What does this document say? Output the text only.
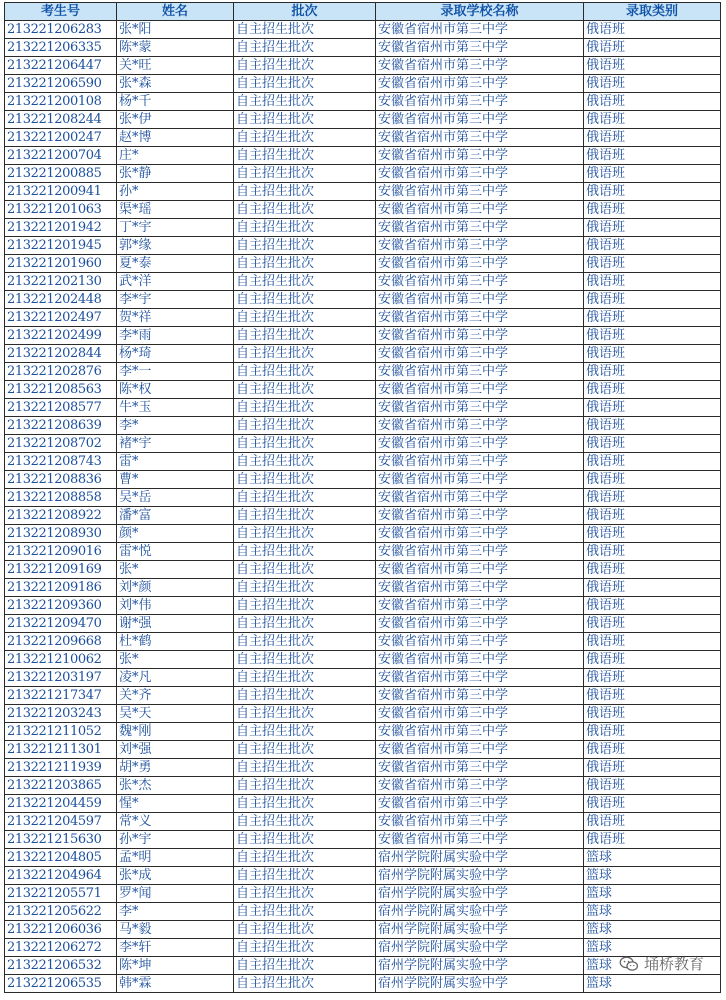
考生号	姓名	批次	录取学校名称	录取类别
213221206283	张*阳	自主招生批次	安徽省宿州市第三中学	俄语班
213221206335	陈*蒙	自主招生批次	安徽省宿州市第三中学	俄语班
213221206447	关*旺	自主招生批次	安徽省宿州市第三中学	俄语班
213221206590	张*森	自主招生批次	安徽省宿州市第三中学	俄语班
213221200108	杨*千	自主招生批次	安徽省宿州市第三中学	俄语班
213221208244	张*伊	自主招生批次	安徽省宿州市第三中学	俄语班
213221200247	赵*博	自主招生批次	安徽省宿州市第三中学	俄语班
213221200704	庄*	自主招生批次	安徽省宿州市第三中学	俄语班
213221200885	张*静	自主招生批次	安徽省宿州市第三中学	俄语班
213221200941	孙*	自主招生批次	安徽省宿州市第三中学	俄语班
213221201063	渠*瑶	自主招生批次	安徽省宿州市第三中学	俄语班
213221201942	丁*宇	自主招生批次	安徽省宿州市第三中学	俄语班
213221201945	郭*缘	自主招生批次	安徽省宿州市第三中学	俄语班
213221201960	夏*泰	自主招生批次	安徽省宿州市第三中学	俄语班
213221202130	武*洋	自主招生批次	安徽省宿州市第三中学	俄语班
213221202448	李*宇	自主招生批次	安徽省宿州市第三中学	俄语班
213221202497	贺*祥	自主招生批次	安徽省宿州市第三中学	俄语班
213221202499	李*雨	自主招生批次	安徽省宿州市第三中学	俄语班
213221202844	杨*琦	自主招生批次	安徽省宿州市第三中学	俄语班
213221202876	李*一	自主招生批次	安徽省宿州市第三中学	俄语班
213221208563	陈*权	自主招生批次	安徽省宿州市第三中学	俄语班
213221208577	牛*玉	自主招生批次	安徽省宿州市第三中学	俄语班
213221208639	李*	自主招生批次	安徽省宿州市第三中学	俄语班
213221208702	褚*宇	自主招生批次	安徽省宿州市第三中学	俄语班
213221208743	雷*	自主招生批次	安徽省宿州市第三中学	俄语班
213221208836	曹*	自主招生批次	安徽省宿州市第三中学	俄语班
213221208858	吴*岳	自主招生批次	安徽省宿州市第三中学	俄语班
213221208922	潘*富	自主招生批次	安徽省宿州市第三中学	俄语班
213221208930	颜*	自主招生批次	安徽省宿州市第三中学	俄语班
213221209016	雷*悦	自主招生批次	安徽省宿州市第三中学	俄语班
213221209169	张*	自主招生批次	安徽省宿州市第三中学	俄语班
213221209186	刘*颜	自主招生批次	安徽省宿州市第三中学	俄语班
213221209360	刘*伟	自主招生批次	安徽省宿州市第三中学	俄语班
213221209470	谢*强	自主招生批次	安徽省宿州市第三中学	俄语班
213221209668	杜*鹤	自主招生批次	安徽省宿州市第三中学	俄语班
213221210062	张*	自主招生批次	安徽省宿州市第三中学	俄语班
213221203197	凌*凡	自主招生批次	安徽省宿州市第三中学	俄语班
213221217347	关*齐	自主招生批次	安徽省宿州市第三中学	俄语班
213221203243	吴*天	自主招生批次	安徽省宿州市第三中学	俄语班
213221211052	魏*刚	自主招生批次	安徽省宿州市第三中学	俄语班
213221211301	刘*强	自主招生批次	安徽省宿州市第三中学	俄语班
213221211939	胡*勇	自主招生批次	安徽省宿州市第三中学	俄语班
213221203865	张*杰	自主招生批次	安徽省宿州市第三中学	俄语班
213221204459	惺*	自主招生批次	安徽省宿州市第三中学	俄语班
213221204597	常*义	自主招生批次	安徽省宿州市第三中学	俄语班
213221215630	孙*宇	自主招生批次	安徽省宿州市第三中学	俄语班
213221204805	孟*明	自主招生批次	宿州学院附属实验中学	篮球
213221204964	张*成	自主招生批次	宿州学院附属实验中学	篮球
213221205571	罗*闻	自主招生批次	宿州学院附属实验中学	篮球
213221205622	李*	自主招生批次	宿州学院附属实验中学	篮球
213221206036	马*毅	自主招生批次	宿州学院附属实验中学	篮球
213221206272	李*轩	自主招生批次	宿州学院附属实验中学	篮球
213221206532	陈*坤	自主招生批次	宿州学院附属实验中学	篮球
213221206535	韩*霖	自主招生批次	宿州学院附属实验中学	篮球
埇桥教育
